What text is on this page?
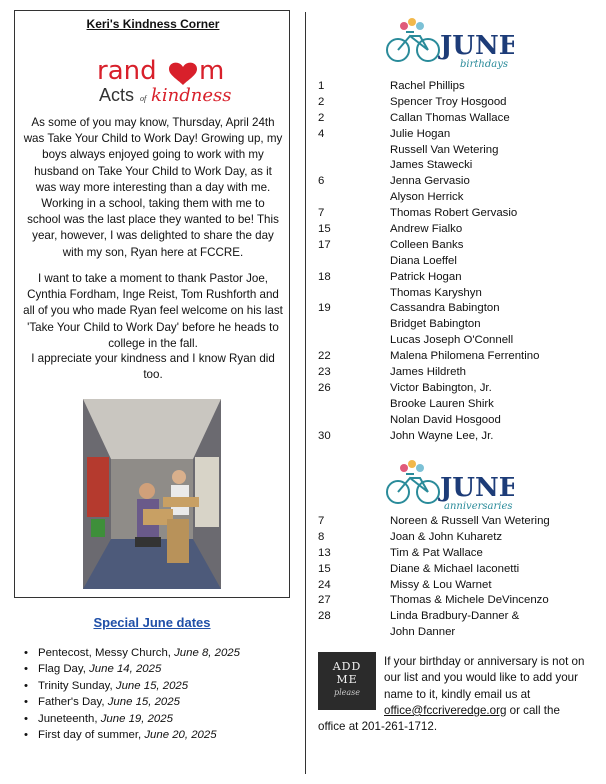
Keri's Kindness Corner
rand m
Acts of kindness
As some of you may know, Thursday, April 24th was Take Your Child to Work Day! Growing up, my boys always enjoyed going to work with my husband on Take Your Child to Work Day, as it was way more interesting than a day with me. Working in a school, taking them with me to school was the last place they wanted to be! This year, however, I was delighted to share the day with my son, Ryan here at FCCRE.
I want to take a moment to thank Pastor Joe, Cynthia Fordham, Inge Reist, Tom Rushforth and all of you who made Ryan feel welcome on his last 'Take Your Child to Work Day' before he heads to college in the fall.
I appreciate your kindness and I know Ryan did too.
Special June dates
• Pentecost, Messy Church, June 8, 2025
• Flag Day, June 14, 2025
• Trinity Sunday, June 15, 2025
• Father's Day, June 15, 2025
• Juneteenth, June 19, 2025
• First day of summer, June 20, 2025
JUNE
birthdays
1
2
2
4
6
7
15
17
18
19
22
23
26
30
Rachel Phillips
Spencer Troy Hosgood
Callan Thomas Wallace
Julie Hogan
Russell Van Wetering
James Stawecki
Jenna Gervasio
Alyson Herrick
Thomas Robert Gervasio
Andrew Fialko
Colleen Banks
Diana Loeffel
Patrick Hogan
Thomas Karyshyn
Cassandra Babington
Bridget Babington
Lucas Joseph O'Connell
Malena Philomena Ferrentino
James Hildreth
Victor Babington, Jr.
Brooke Lauren Shirk
Nolan David Hosgood
John Wayne Lee, Jr.
JUNE
anniversaries
7
8
13
15
24
27
28
Noreen & Russell Van Wetering
Joan & John Kuharetz
Tim & Pat Wallace
Diane & Michael Iaconetti
Missy & Lou Warnet
Thomas & Michele DeVincenzo
Linda Bradbury-Danner &
John Danner
ADD
ME
please
If your birthday or anniversary is not on our list and you would like to add your name to it, kindly email us at office@fccriveredge.org or call the office at 201-261-1712.
